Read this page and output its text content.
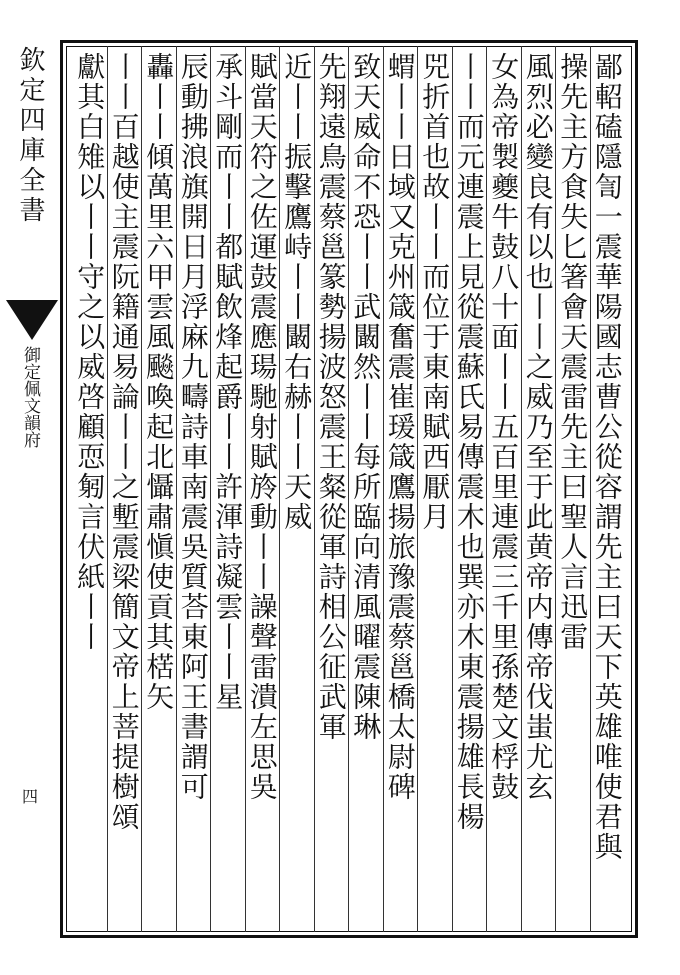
欽定四庫全書
御定佩文韻府
四	鄙軺磕隱訇一震華陽國志曹公從容謂先主曰天下英雄唯使君與
操先主方食失匕箸會天震雷先主曰聖人言迅雷
風烈必變良有以也丨丨之威乃至于此黄帝内傳帝伐蚩尤玄
女為帝製夔牛鼓八十面丨丨五百里連震三千里孫楚文桴鼓
丨丨而元連震上見從震蘇氏易傳震木也巽亦木東震揚雄長楊
兕折首也故丨丨而位于東南賦西厭月
蝟丨丨日域又克州箴奮震崔瑗箴鷹揚旅豫震蔡邕橋太尉碑
致天威命不恐丨丨武闞然丨丨每所臨向清風曜震陳琳
先翔遠鳥震蔡邕篆勢揚波怒震王粲從軍詩相公征武軍
近丨丨振擊鷹峙丨丨闞右赫丨丨天威
賦當天符之佐運鼓震應瑒馳射賦旍動丨丨譟聲雷潰左思吳
承斗剛而丨丨都賦飲烽起爵丨丨許渾詩凝雲丨丨星
辰動拂浪旗開日月浮麻九疇詩車南震吳質荅東阿王書謂可
轟丨丨傾萬里六甲雲風飈喚起北懾肅愼使貢其楛矢
丨丨百越使主震阮籍通易論丨丨之塹震梁簡文帝上菩提樹頌
獻其白雉以丨丨守之以威啓顧恧匑言伏紙丨丨
